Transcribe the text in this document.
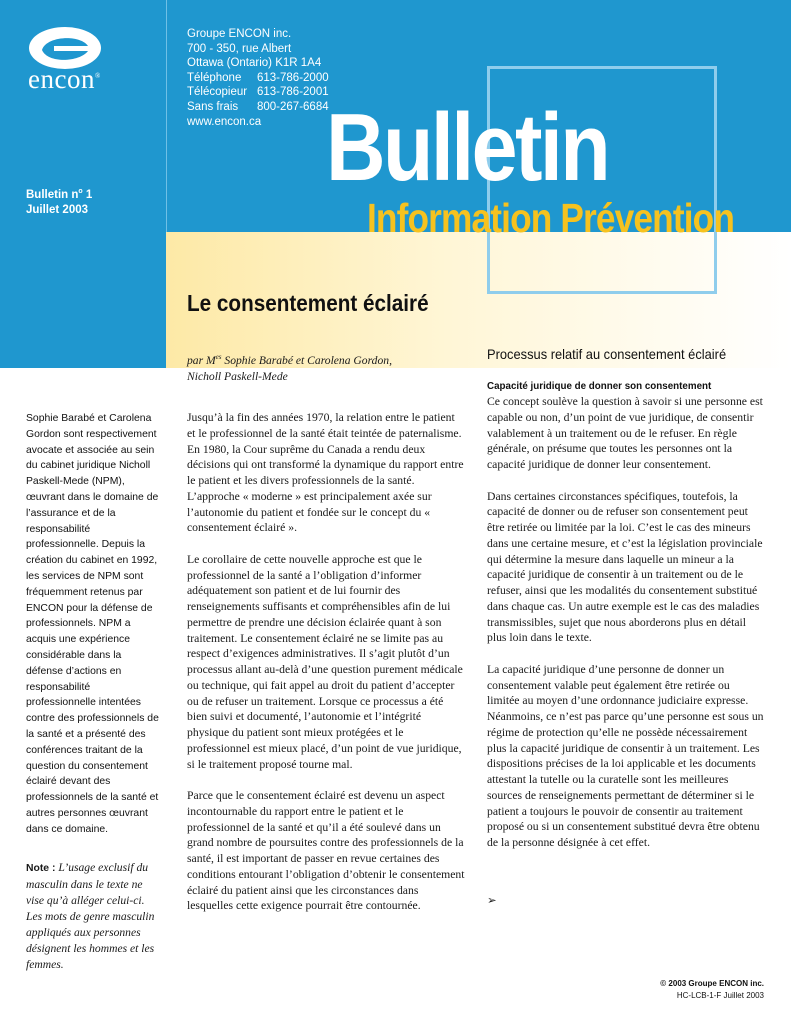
encon®
Groupe ENCON inc.
700 - 350, rue Albert
Ottawa (Ontario) K1R 1A4
Téléphone 613-786-2000
Télécopieur 613-786-2001
Sans frais 800-267-6684
www.encon.ca
Bulletin $n^o$ 1
Juillet 2003
Bulletin
Information Prévention
Le consentement éclairé
par $M^{es}$ Sophie Barabé et Carolena Gordon,
Nicholl Paskell-Mede
Sophie Barabé et Carolena Gordon sont respectivement avocate et associée au sein du cabinet juridique Nicholl Paskell-Mede (NPM), œuvrant dans le domaine de l’assurance et de la responsabilité professionnelle. Depuis la création du cabinet en 1992, les services de NPM sont fréquemment retenus par ENCON pour la défense de professionnels. NPM a acquis une expérience considérable dans la défense d’actions en responsabilité professionnelle intentées contre des professionnels de la santé et a présenté des conférences traitant de la question du consentement éclairé devant des professionnels de la santé et autres personnes œuvrant dans ce domaine.
Note : L’usage exclusif du masculin dans le texte ne vise qu’à alléger celui-ci. Les mots de genre masculin appliqués aux personnes désignent les hommes et les femmes.

Jusqu’à la fin des années 1970, la relation entre le patient et le professionnel de la santé était teintée de paternalisme. En 1980, la Cour suprême du Canada a rendu deux décisions qui ont transformé la dynamique du rapport entre le patient et les divers professionnels de la santé. L’approche « moderne » est principalement axée sur l’autonomie du patient et fondée sur le concept du « consentement éclairé ».

Le corollaire de cette nouvelle approche est que le professionnel de la santé a l’obligation d’informer adéquatement son patient et de lui fournir des renseignements suffisants et compréhensibles afin de lui permettre de prendre une décision éclairée quant à son traitement. Le consentement éclairé ne se limite pas au respect d’exigences administratives. Il s’agit plutôt d’un processus allant au-delà d’une question purement médicale ou technique, qui fait appel au droit du patient d’accepter ou de refuser un traitement. Lorsque ce processus a été bien suivi et documenté, l’autonomie et l’intégrité physique du patient sont mieux protégées et le professionnel est mieux placé, d’un point de vue juridique, si le traitement proposé tourne mal.

Parce que le consentement éclairé est devenu un aspect incontournable du rapport entre le patient et le professionnel de la santé et qu’il a été soulevé dans un grand nombre de poursuites contre des professionnels de la santé, il est important de passer en revue certaines des conditions entourant l’obligation d’obtenir le consentement éclairé du patient ainsi que les circonstances dans lesquelles cette exigence pourrait être contournée.

Processus relatif au consentement éclairé
Capacité juridique de donner son consentement

Ce concept soulève la question à savoir si une personne est capable ou non, d’un point de vue juridique, de consentir valablement à un traitement ou de le refuser. En règle générale, on présume que toutes les personnes ont la capacité juridique de donner leur consentement.

Dans certaines circonstances spécifiques, toutefois, la capacité de donner ou de refuser son consentement peut être retirée ou limitée par la loi. C’est le cas des mineurs dans une certaine mesure, et c’est la législation provinciale qui détermine la mesure dans laquelle un mineur a la capacité juridique de consentir à un traitement ou de le refuser, ainsi que les modalités du consentement substitué dans chaque cas. Un autre exemple est le cas des maladies transmissibles, sujet que nous aborderons plus en détail plus loin dans le texte.

La capacité juridique d’une personne de donner un consentement valable peut également être retirée ou limitée au moyen d’une ordonnance judiciaire expresse. Néanmoins, ce n’est pas parce qu’une personne est sous un régime de protection qu’elle ne possède nécessairement plus la capacité juridique de consentir à un traitement. Les dispositions précises de la loi applicable et les documents attestant la tutelle ou la curatelle sont les meilleures sources de renseignements permettant de déterminer si le patient a toujours le pouvoir de consentir au traitement proposé ou si un consentement substitué devra être obtenu de la personne désignée à cet effet.

➢
© 2003 Groupe ENCON inc.
HC-LCB-1-F Juillet 2003
